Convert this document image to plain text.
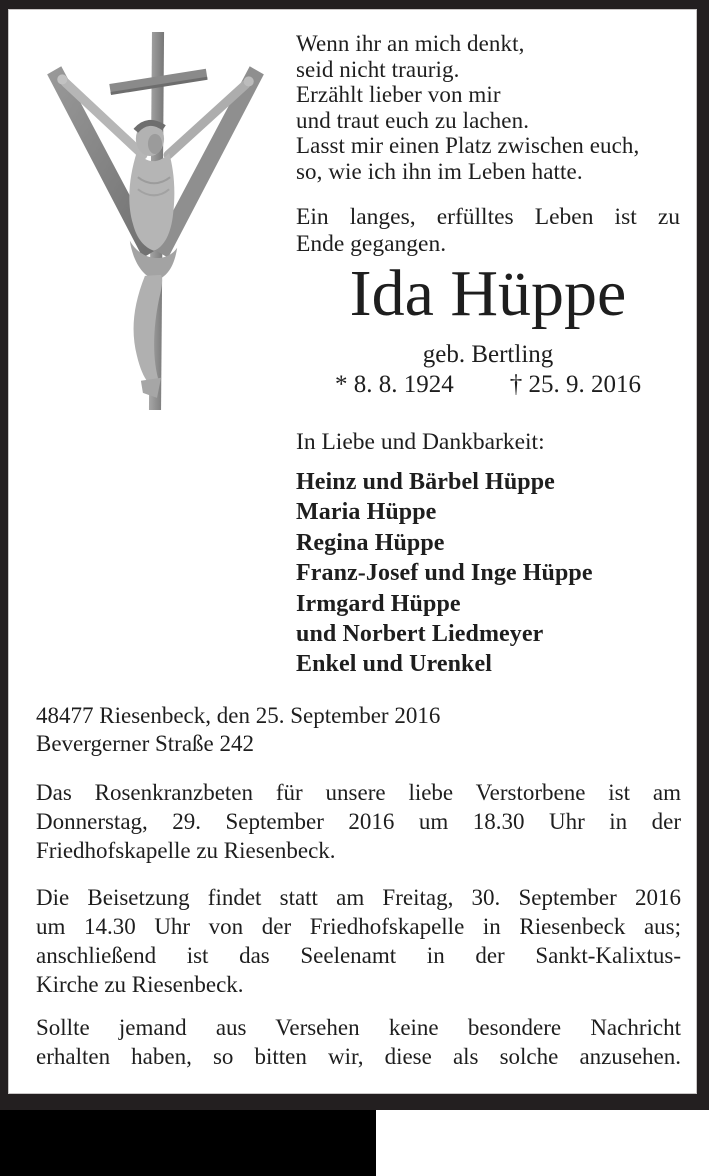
Wenn ihr an mich denkt,
seid nicht traurig.
Erzählt lieber von mir
und traut euch zu lachen.
Lasst mir einen Platz zwischen euch,
so, wie ich ihn im Leben hatte.
Ein langes, erfülltes Leben ist zu
Ende gegangen.
Ida Hüppe
geb. Bertling
* 8. 8. 1924 † 25. 9. 2016
In Liebe und Dankbarkeit:
Heinz und Bärbel Hüppe
Maria Hüppe
Regina Hüppe
Franz-Josef und Inge Hüppe
Irmgard Hüppe
und Norbert Liedmeyer
Enkel und Urenkel
48477 Riesenbeck, den 25. September 2016
Bevergerner Straße 242
Das Rosenkranzbeten für unsere liebe Verstorbene ist am
Donnerstag, 29. September 2016 um 18.30 Uhr in der
Friedhofskapelle zu Riesenbeck.
Die Beisetzung findet statt am Freitag, 30. September 2016
um 14.30 Uhr von der Friedhofskapelle in Riesenbeck aus;
anschließend ist das Seelenamt in der Sankt-Kalixtus-
Kirche zu Riesenbeck.
Sollte jemand aus Versehen keine besondere Nachricht
erhalten haben, so bitten wir, diese als solche anzusehen.
